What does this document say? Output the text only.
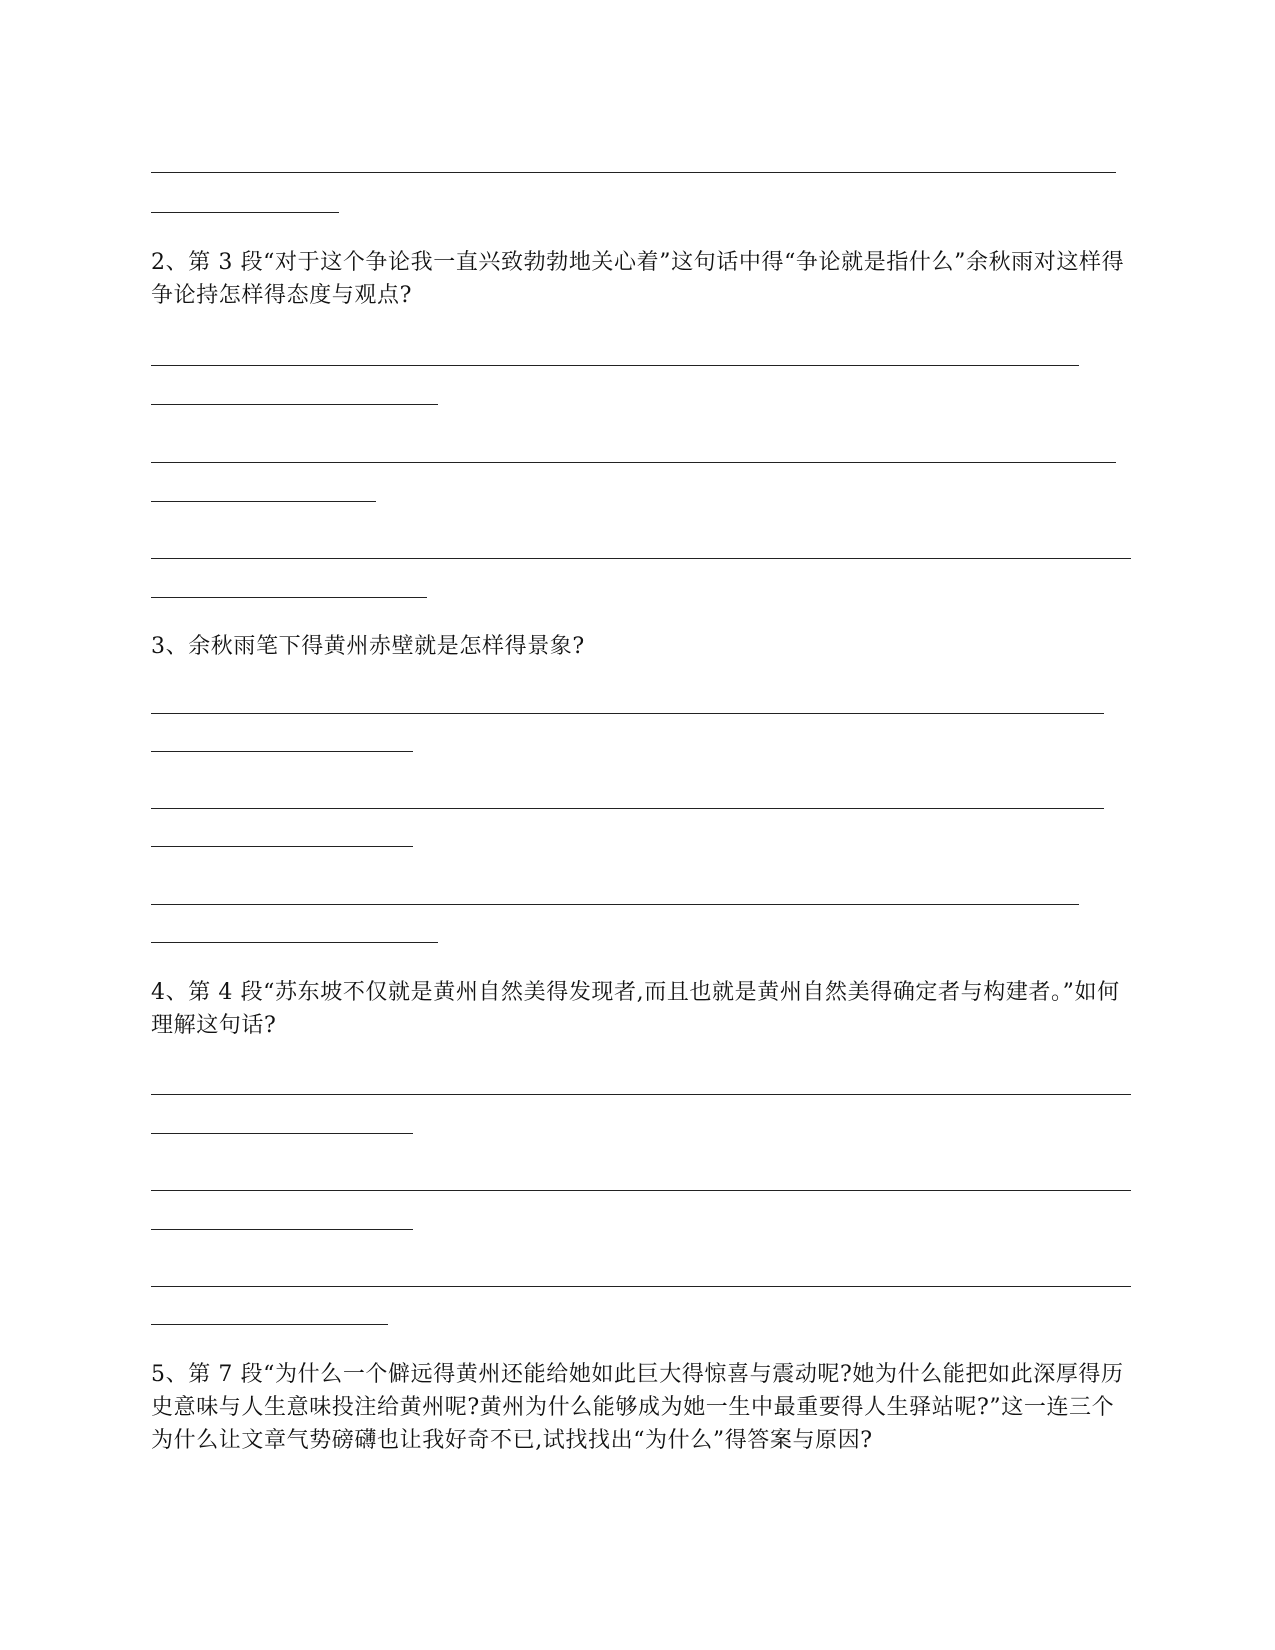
2、第 3 段“对于这个争论我一直兴致勃勃地关心着”这句话中得“争论就是指什么”余秋雨对这样得争论持怎样得态度与观点?
3、余秋雨笔下得黄州赤壁就是怎样得景象?
4、第 4 段“苏东坡不仅就是黄州自然美得发现者,而且也就是黄州自然美得确定者与构建者。”如何理解这句话?
5、第 7 段“为什么一个僻远得黄州还能给她如此巨大得惊喜与震动呢?她为什么能把如此深厚得历史意味与人生意味投注给黄州呢?黄州为什么能够成为她一生中最重要得人生驿站呢?”这一连三个为什么让文章气势磅礴也让我好奇不已,试找找出“为什么”得答案与原因?
